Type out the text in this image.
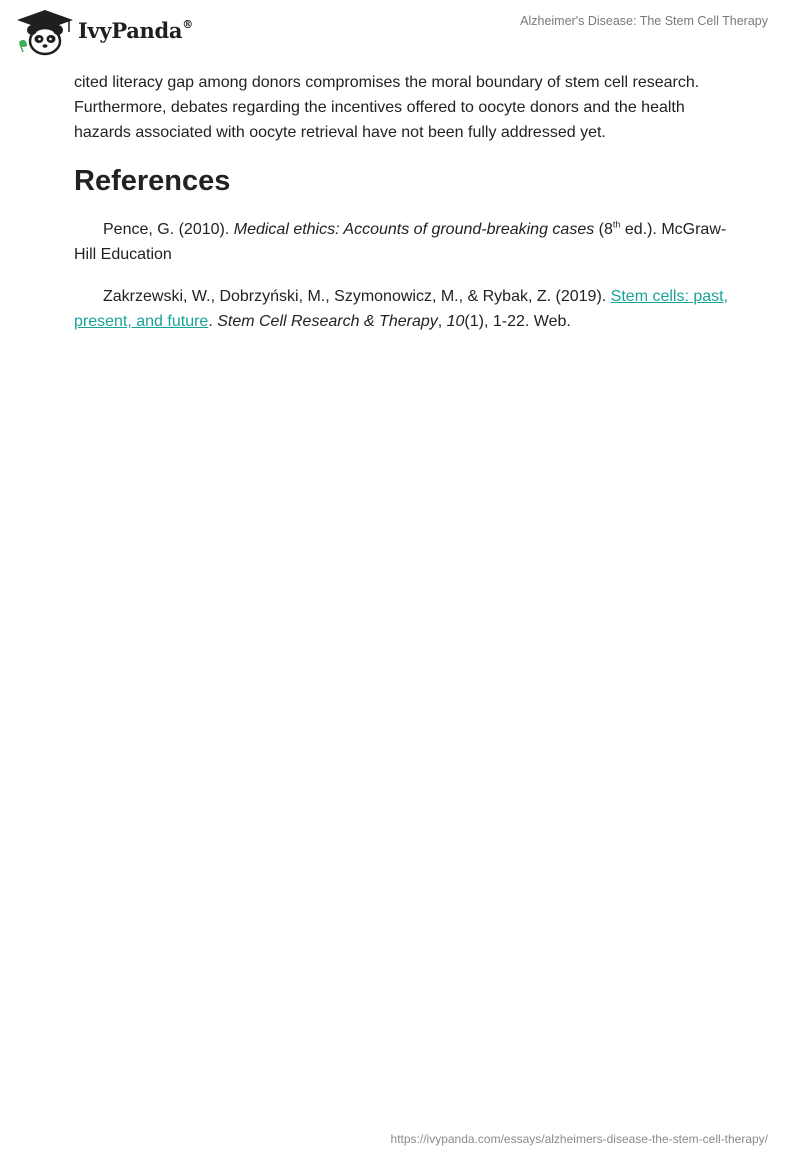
IvyPanda®	Alzheimer's Disease: The Stem Cell Therapy

cited literacy gap among donors compromises the moral boundary of stem cell research. Furthermore, debates regarding the incentives offered to oocyte donors and the health hazards associated with oocyte retrieval have not been fully addressed yet.

References

Pence, G. (2010). Medical ethics: Accounts of ground-breaking cases (8th ed.). McGraw-Hill Education

Zakrzewski, W., Dobrzyński, M., Szymonowicz, M., & Rybak, Z. (2019). Stem cells: past, present, and future. Stem Cell Research & Therapy, 10(1), 1-22. Web.

https://ivypanda.com/essays/alzheimers-disease-the-stem-cell-therapy/
